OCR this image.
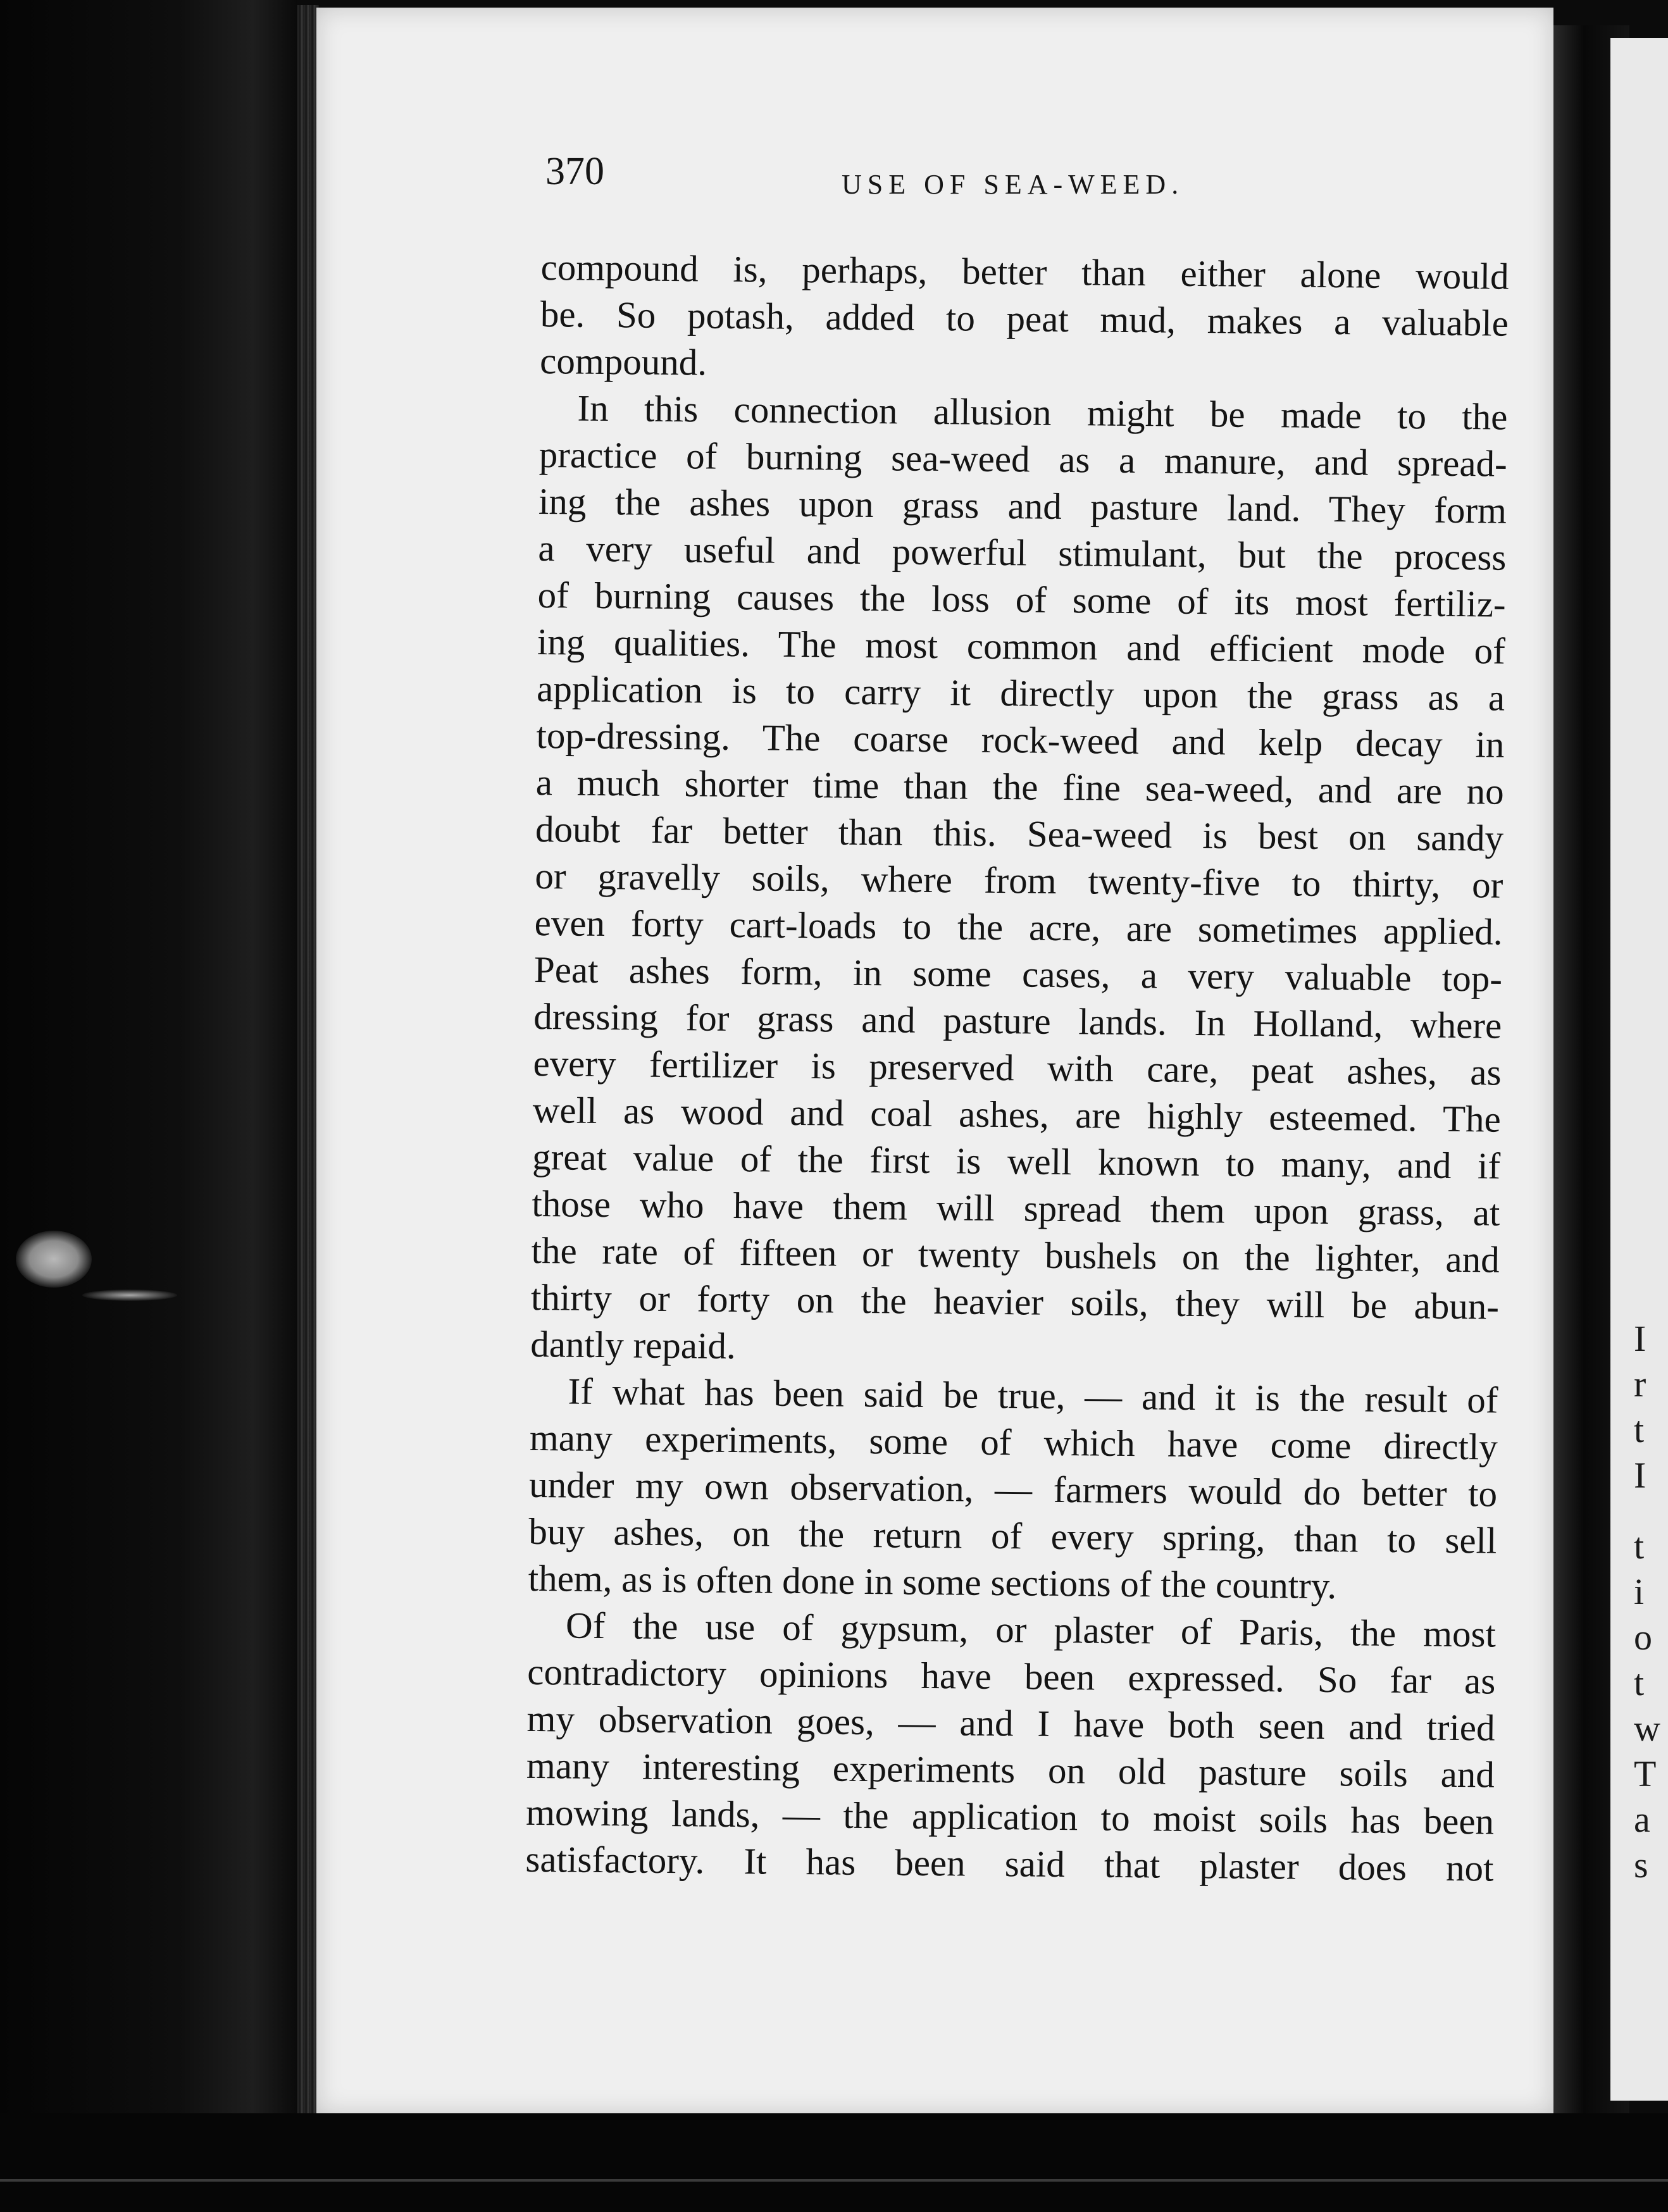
370	USE OF SEA-WEED.
compound is, perhaps, better than either alone would
be. So potash, added to peat mud, makes a valuable
compound.
In this connection allusion might be made to the
practice of burning sea-weed as a manure, and spread-
ing the ashes upon grass and pasture land. They form
a very useful and powerful stimulant, but the process
of burning causes the loss of some of its most fertiliz-
ing qualities. The most common and efficient mode of
application is to carry it directly upon the grass as a
top-dressing. The coarse rock-weed and kelp decay in
a much shorter time than the fine sea-weed, and are no
doubt far better than this. Sea-weed is best on sandy
or gravelly soils, where from twenty-five to thirty, or
even forty cart-loads to the acre, are sometimes applied.
Peat ashes form, in some cases, a very valuable top-
dressing for grass and pasture lands. In Holland, where
every fertilizer is preserved with care, peat ashes, as
well as wood and coal ashes, are highly esteemed. The
great value of the first is well known to many, and if
those who have them will spread them upon grass, at
the rate of fifteen or twenty bushels on the lighter, and
thirty or forty on the heavier soils, they will be abun-
dantly repaid.
If what has been said be true, — and it is the result of
many experiments, some of which have come directly
under my own observation, — farmers would do better to
buy ashes, on the return of every spring, than to sell
them, as is often done in some sections of the country.
Of the use of gypsum, or plaster of Paris, the most
contradictory opinions have been expressed. So far as
my observation goes, — and I have both seen and tried
many interesting experiments on old pasture soils and
mowing lands, — the application to moist soils has been
satisfactory. It has been said that plaster does not
I
r
t
I
t
i
o
t
w
T
a
s
